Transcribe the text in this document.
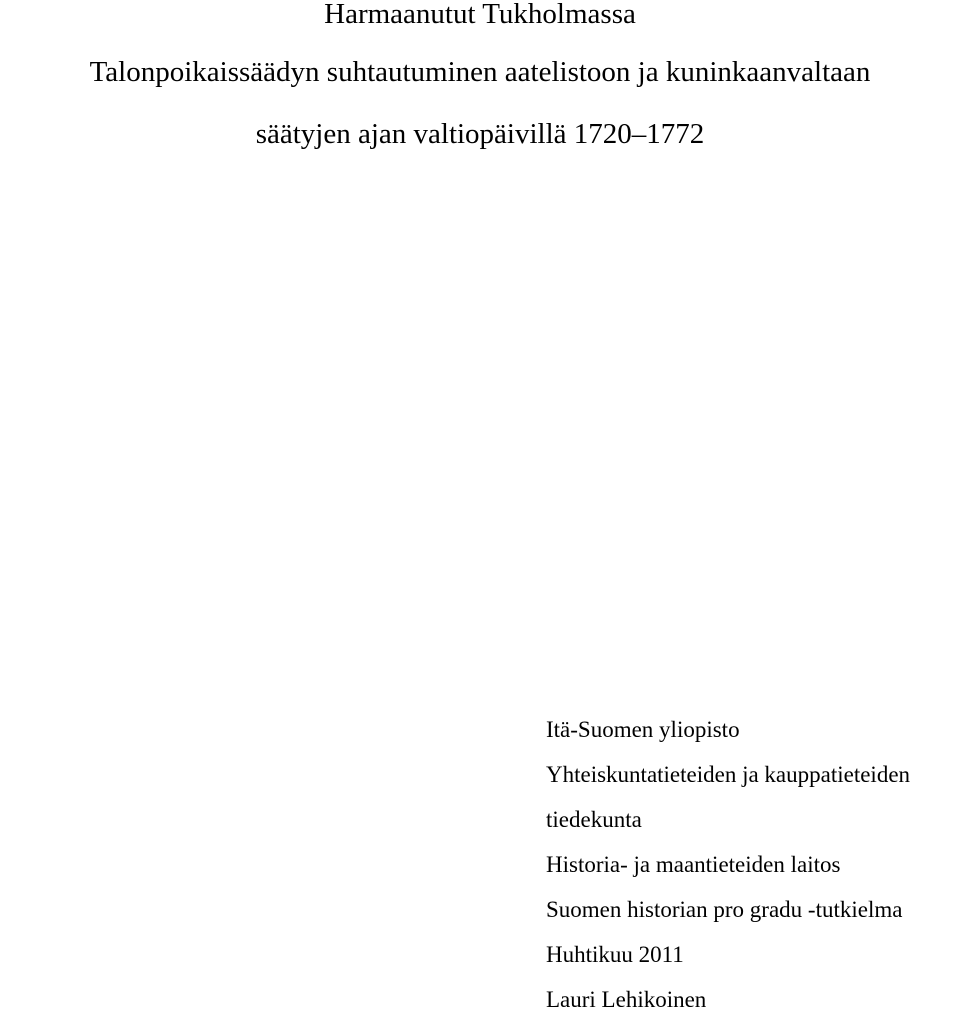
Harmaanutut Tukholmassa
Talonpoikaissäädyn suhtautuminen aatelistoon ja kuninkaanvaltaan
säätyjen ajan valtiopäivillä 1720–1772
Itä-Suomen yliopisto
Yhteiskuntatieteiden ja kauppatieteiden
tiedekunta
Historia- ja maantieteiden laitos
Suomen historian pro gradu -tutkielma
Huhtikuu 2011
Lauri Lehikoinen
